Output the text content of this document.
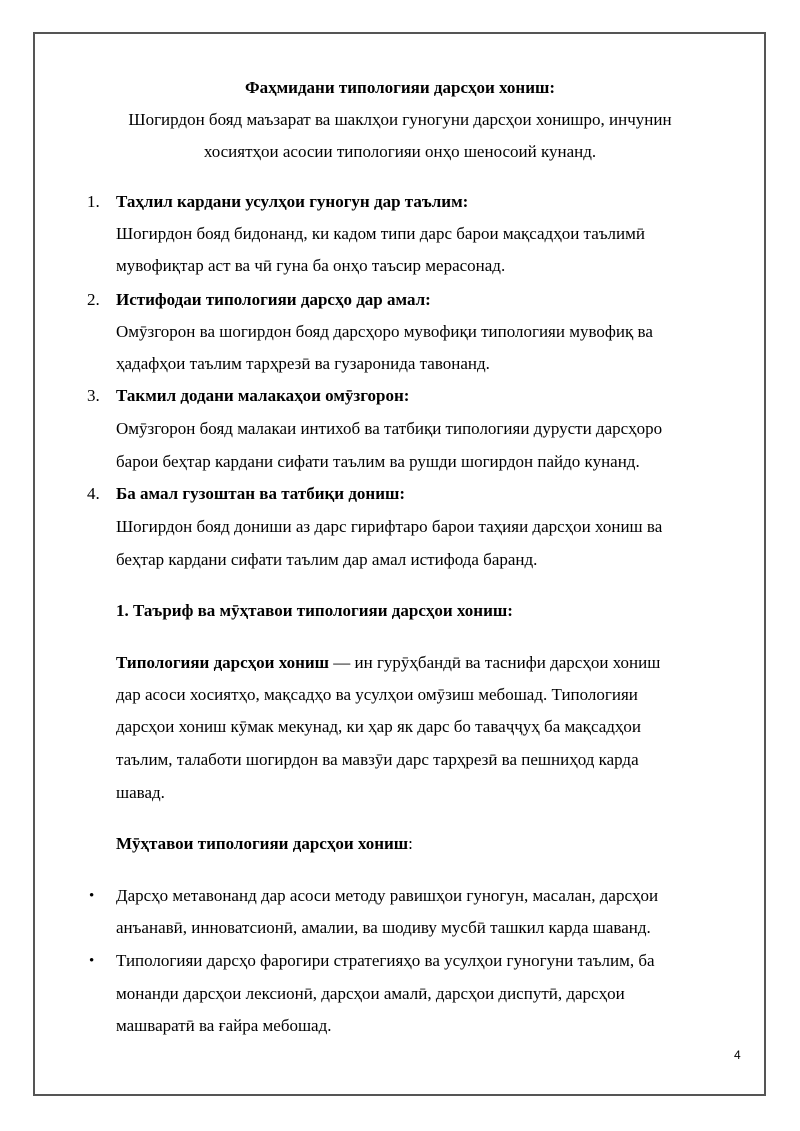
Фаҳмидани типологияи дарсҳои хониш:
Шогирдон бояд маъзарат ва шаклҳои гуногуни дарсҳои хонишро, инчунин
хосиятҳои асосии типологияи онҳо шеносоий кунанд.
1. Таҳлил кардани усулҳои гуногун дар таълим:
Шогирдон бояд бидонанд, ки кадом типи дарс барои мақсадҳои таълимӣ
мувофиқтар аст ва чӣ гуна ба онҳо таъсир мерасонад.
2. Истифодаи типологияи дарсҳо дар амал:
Омӯзгорон ва шогирдон бояд дарсҳоро мувофиқи типологияи мувофиқ ва
ҳадафҳои таълим тарҳрезӣ ва гузаронида тавонанд.
3. Такмил додани малакаҳои омӯзгорон:
Омӯзгорон бояд малакаи интихоб ва татбиқи типологияи дурусти дарсҳоро
барои беҳтар кардани сифати таълим ва рушди шогирдон пайдо кунанд.
4. Ба амал гузоштан ва татбиқи дониш:
Шогирдон бояд дониши аз дарс гирифтаро барои таҳияи дарсҳои хониш ва
беҳтар кардани сифати таълим дар амал истифода баранд.
1. Таъриф ва мӯҳтавои типологияи дарсҳои хониш:
Типологияи дарсҳои хониш — ин гурӯҳбандӣ ва таснифи дарсҳои хониш
дар асоси хосиятҳо, мақсадҳо ва усулҳои омӯзиш мебошад. Типологияи
дарсҳои хониш кӯмак мекунад, ки ҳар як дарс бо таваҷҷуҳ ба мақсадҳои
таълим, талаботи шогирдон ва мавзӯи дарс тарҳрезӣ ва пешниҳод карда
шавад.
Мӯҳтавои типологияи дарсҳои хониш:
• Дарсҳо метавонанд дар асоси методу равишҳои гуногун, масалан, дарсҳои
анъанавӣ, инноватсионӣ, амалии, ва шодиву мусбӣ ташкил карда шаванд.
• Типологияи дарсҳо фарогири стратегияҳо ва усулҳои гуногуни таълим, ба
монанди дарсҳои лексионӣ, дарсҳои амалӣ, дарсҳои диспутӣ, дарсҳои
машваратӣ ва ғайра мебошад.
4
